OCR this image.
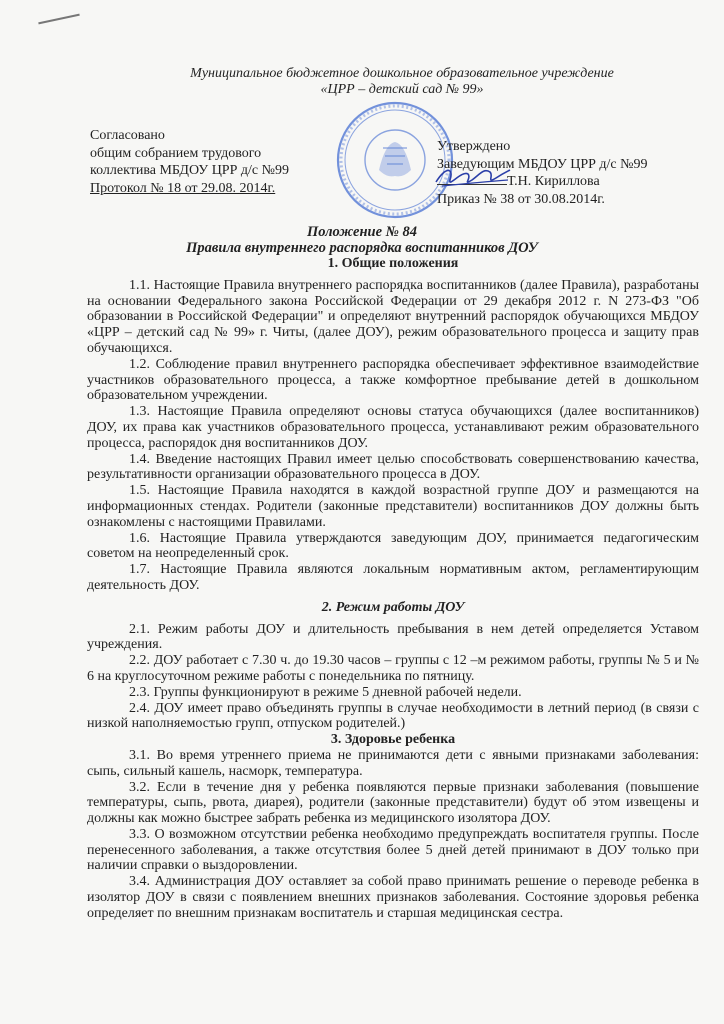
Муниципальное бюджетное дошкольное образовательное учреждение
«ЦРР – детский сад № 99»
Согласовано
общим собранием трудового
коллектива МБДОУ ЦРР д/с №99
Протокол № 18 от 29.08. 2014г.
Утверждено
Заведующим МБДОУ ЦРР д/с №99
Т.Н. Кириллова
Приказ № 38 от 30.08.2014г.
Положение № 84
Правила внутреннего распорядка воспитанников ДОУ

1. Общие положения

1.1. Настоящие Правила внутреннего распорядка воспитанников (далее Правила), разработаны на основании Федерального закона Российской Федерации от 29 декабря 2012 г. N 273-ФЗ "Об образовании в Российской Федерации" и определяют внутренний распорядок обучающихся МБДОУ «ЦРР – детский сад № 99» г. Читы, (далее ДОУ), режим образовательного процесса и защиту прав обучающихся.

1.2. Соблюдение правил внутреннего распорядка обеспечивает эффективное взаимодействие участников образовательного процесса, а также комфортное пребывание детей в дошкольном образовательном учреждении.

1.3. Настоящие Правила определяют основы статуса обучающихся (далее воспитанников) ДОУ, их права как участников образовательного процесса, устанавливают режим образовательного процесса, распорядок дня воспитанников ДОУ.

1.4. Введение настоящих Правил имеет целью способствовать совершенствованию качества, результативности организации образовательного процесса в ДОУ.

1.5. Настоящие Правила находятся в каждой возрастной группе ДОУ и размещаются на информационных стендах. Родители (законные представители) воспитанников ДОУ должны быть ознакомлены с настоящими Правилами.

1.6. Настоящие Правила утверждаются заведующим ДОУ, принимается педагогическим советом на неопределенный срок.

1.7. Настоящие Правила являются локальным нормативным актом, регламентирующим деятельность ДОУ.

2. Режим работы ДОУ

2.1. Режим работы ДОУ и длительность пребывания в нем детей определяется Уставом учреждения.

2.2. ДОУ работает с 7.30 ч. до 19.30 часов – группы с 12 –м режимом работы, группы № 5 и № 6 на круглосуточном режиме работы с понедельника по пятницу.

2.3. Группы функционируют в режиме 5 дневной рабочей недели.

2.4. ДОУ имеет право объединять группы в случае необходимости в летний период (в связи с низкой наполняемостью групп, отпуском родителей.)

3. Здоровье ребенка

3.1. Во время утреннего приема не принимаются дети с явными признаками заболевания: сыпь, сильный кашель, насморк, температура.

3.2. Если в течение дня у ребенка появляются первые признаки заболевания (повышение температуры, сыпь, рвота, диарея), родители (законные представители) будут об этом извещены и должны как можно быстрее забрать ребенка из медицинского изолятора ДОУ.

3.3. О возможном отсутствии ребенка необходимо предупреждать воспитателя группы. После перенесенного заболевания, а также отсутствия более 5 дней детей принимают в ДОУ только при наличии справки о выздоровлении.

3.4. Администрация ДОУ оставляет за собой право принимать решение о переводе ребенка в изолятор ДОУ в связи с появлением внешних признаков заболевания. Состояние здоровья ребенка определяет по внешним признакам воспитатель и старшая медицинская сестра.
